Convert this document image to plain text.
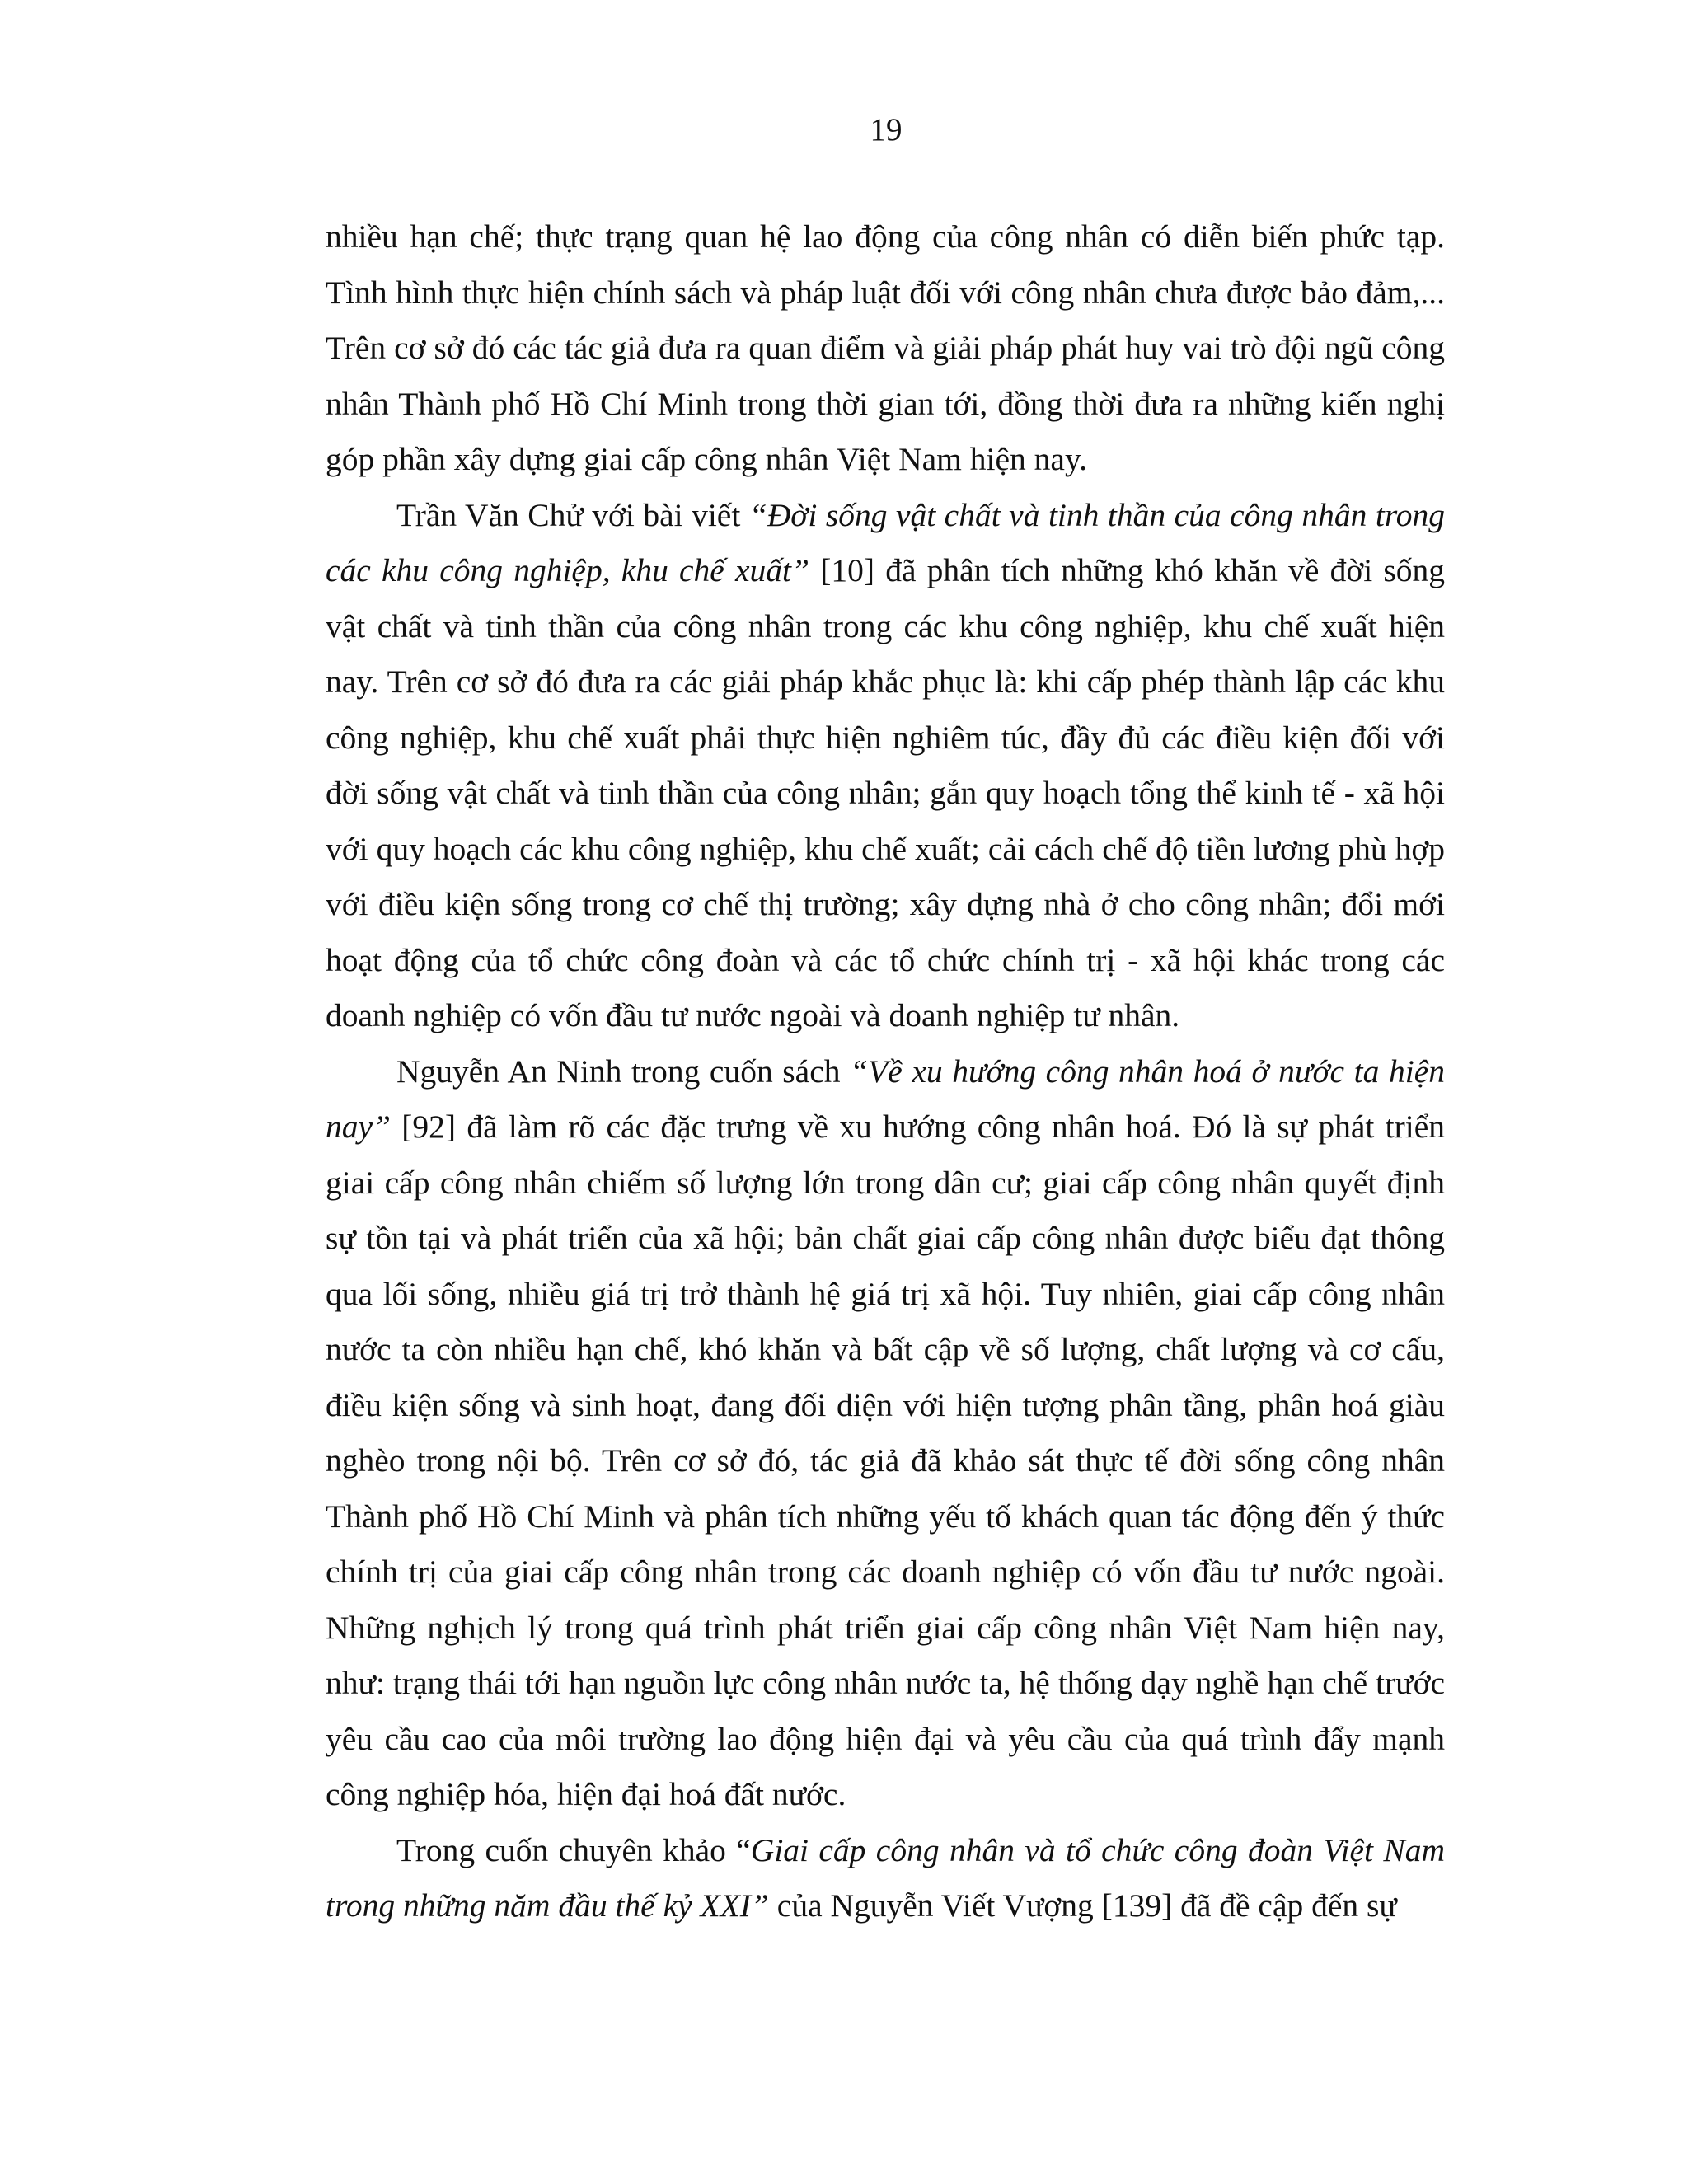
19

nhiều hạn chế; thực trạng quan hệ lao động của công nhân có diễn biến phức tạp. Tình hình thực hiện chính sách và pháp luật đối với công nhân chưa được bảo đảm,... Trên cơ sở đó các tác giả đưa ra quan điểm và giải pháp phát huy vai trò đội ngũ công nhân Thành phố Hồ Chí Minh trong thời gian tới, đồng thời đưa ra những kiến nghị góp phần xây dựng giai cấp công nhân Việt Nam hiện nay.

Trần Văn Chử với bài viết “Đời sống vật chất và tinh thần của công nhân trong các khu công nghiệp, khu chế xuất” [10] đã phân tích những khó khăn về đời sống vật chất và tinh thần của công nhân trong các khu công nghiệp, khu chế xuất hiện nay. Trên cơ sở đó đưa ra các giải pháp khắc phục là: khi cấp phép thành lập các khu công nghiệp, khu chế xuất phải thực hiện nghiêm túc, đầy đủ các điều kiện đối với đời sống vật chất và tinh thần của công nhân; gắn quy hoạch tổng thể kinh tế - xã hội với quy hoạch các khu công nghiệp, khu chế xuất; cải cách chế độ tiền lương phù hợp với điều kiện sống trong cơ chế thị trường; xây dựng nhà ở cho công nhân; đổi mới hoạt động của tổ chức công đoàn và các tổ chức chính trị - xã hội khác trong các doanh nghiệp có vốn đầu tư nước ngoài và doanh nghiệp tư nhân.

Nguyễn An Ninh trong cuốn sách “Về xu hướng công nhân hoá ở nước ta hiện nay” [92] đã làm rõ các đặc trưng về xu hướng công nhân hoá. Đó là sự phát triển giai cấp công nhân chiếm số lượng lớn trong dân cư; giai cấp công nhân quyết định sự tồn tại và phát triển của xã hội; bản chất giai cấp công nhân được biểu đạt thông qua lối sống, nhiều giá trị trở thành hệ giá trị xã hội. Tuy nhiên, giai cấp công nhân nước ta còn nhiều hạn chế, khó khăn và bất cập về số lượng, chất lượng và cơ cấu, điều kiện sống và sinh hoạt, đang đối diện với hiện tượng phân tầng, phân hoá giàu nghèo trong nội bộ. Trên cơ sở đó, tác giả đã khảo sát thực tế đời sống công nhân Thành phố Hồ Chí Minh và phân tích những yếu tố khách quan tác động đến ý thức chính trị của giai cấp công nhân trong các doanh nghiệp có vốn đầu tư nước ngoài. Những nghịch lý trong quá trình phát triển giai cấp công nhân Việt Nam hiện nay, như: trạng thái tới hạn nguồn lực công nhân nước ta, hệ thống dạy nghề hạn chế trước yêu cầu cao của môi trường lao động hiện đại và yêu cầu của quá trình đẩy mạnh công nghiệp hóa, hiện đại hoá đất nước.

Trong cuốn chuyên khảo “Giai cấp công nhân và tổ chức công đoàn Việt Nam trong những năm đầu thế kỷ XXI” của Nguyễn Viết Vượng [139] đã đề cập đến sự
